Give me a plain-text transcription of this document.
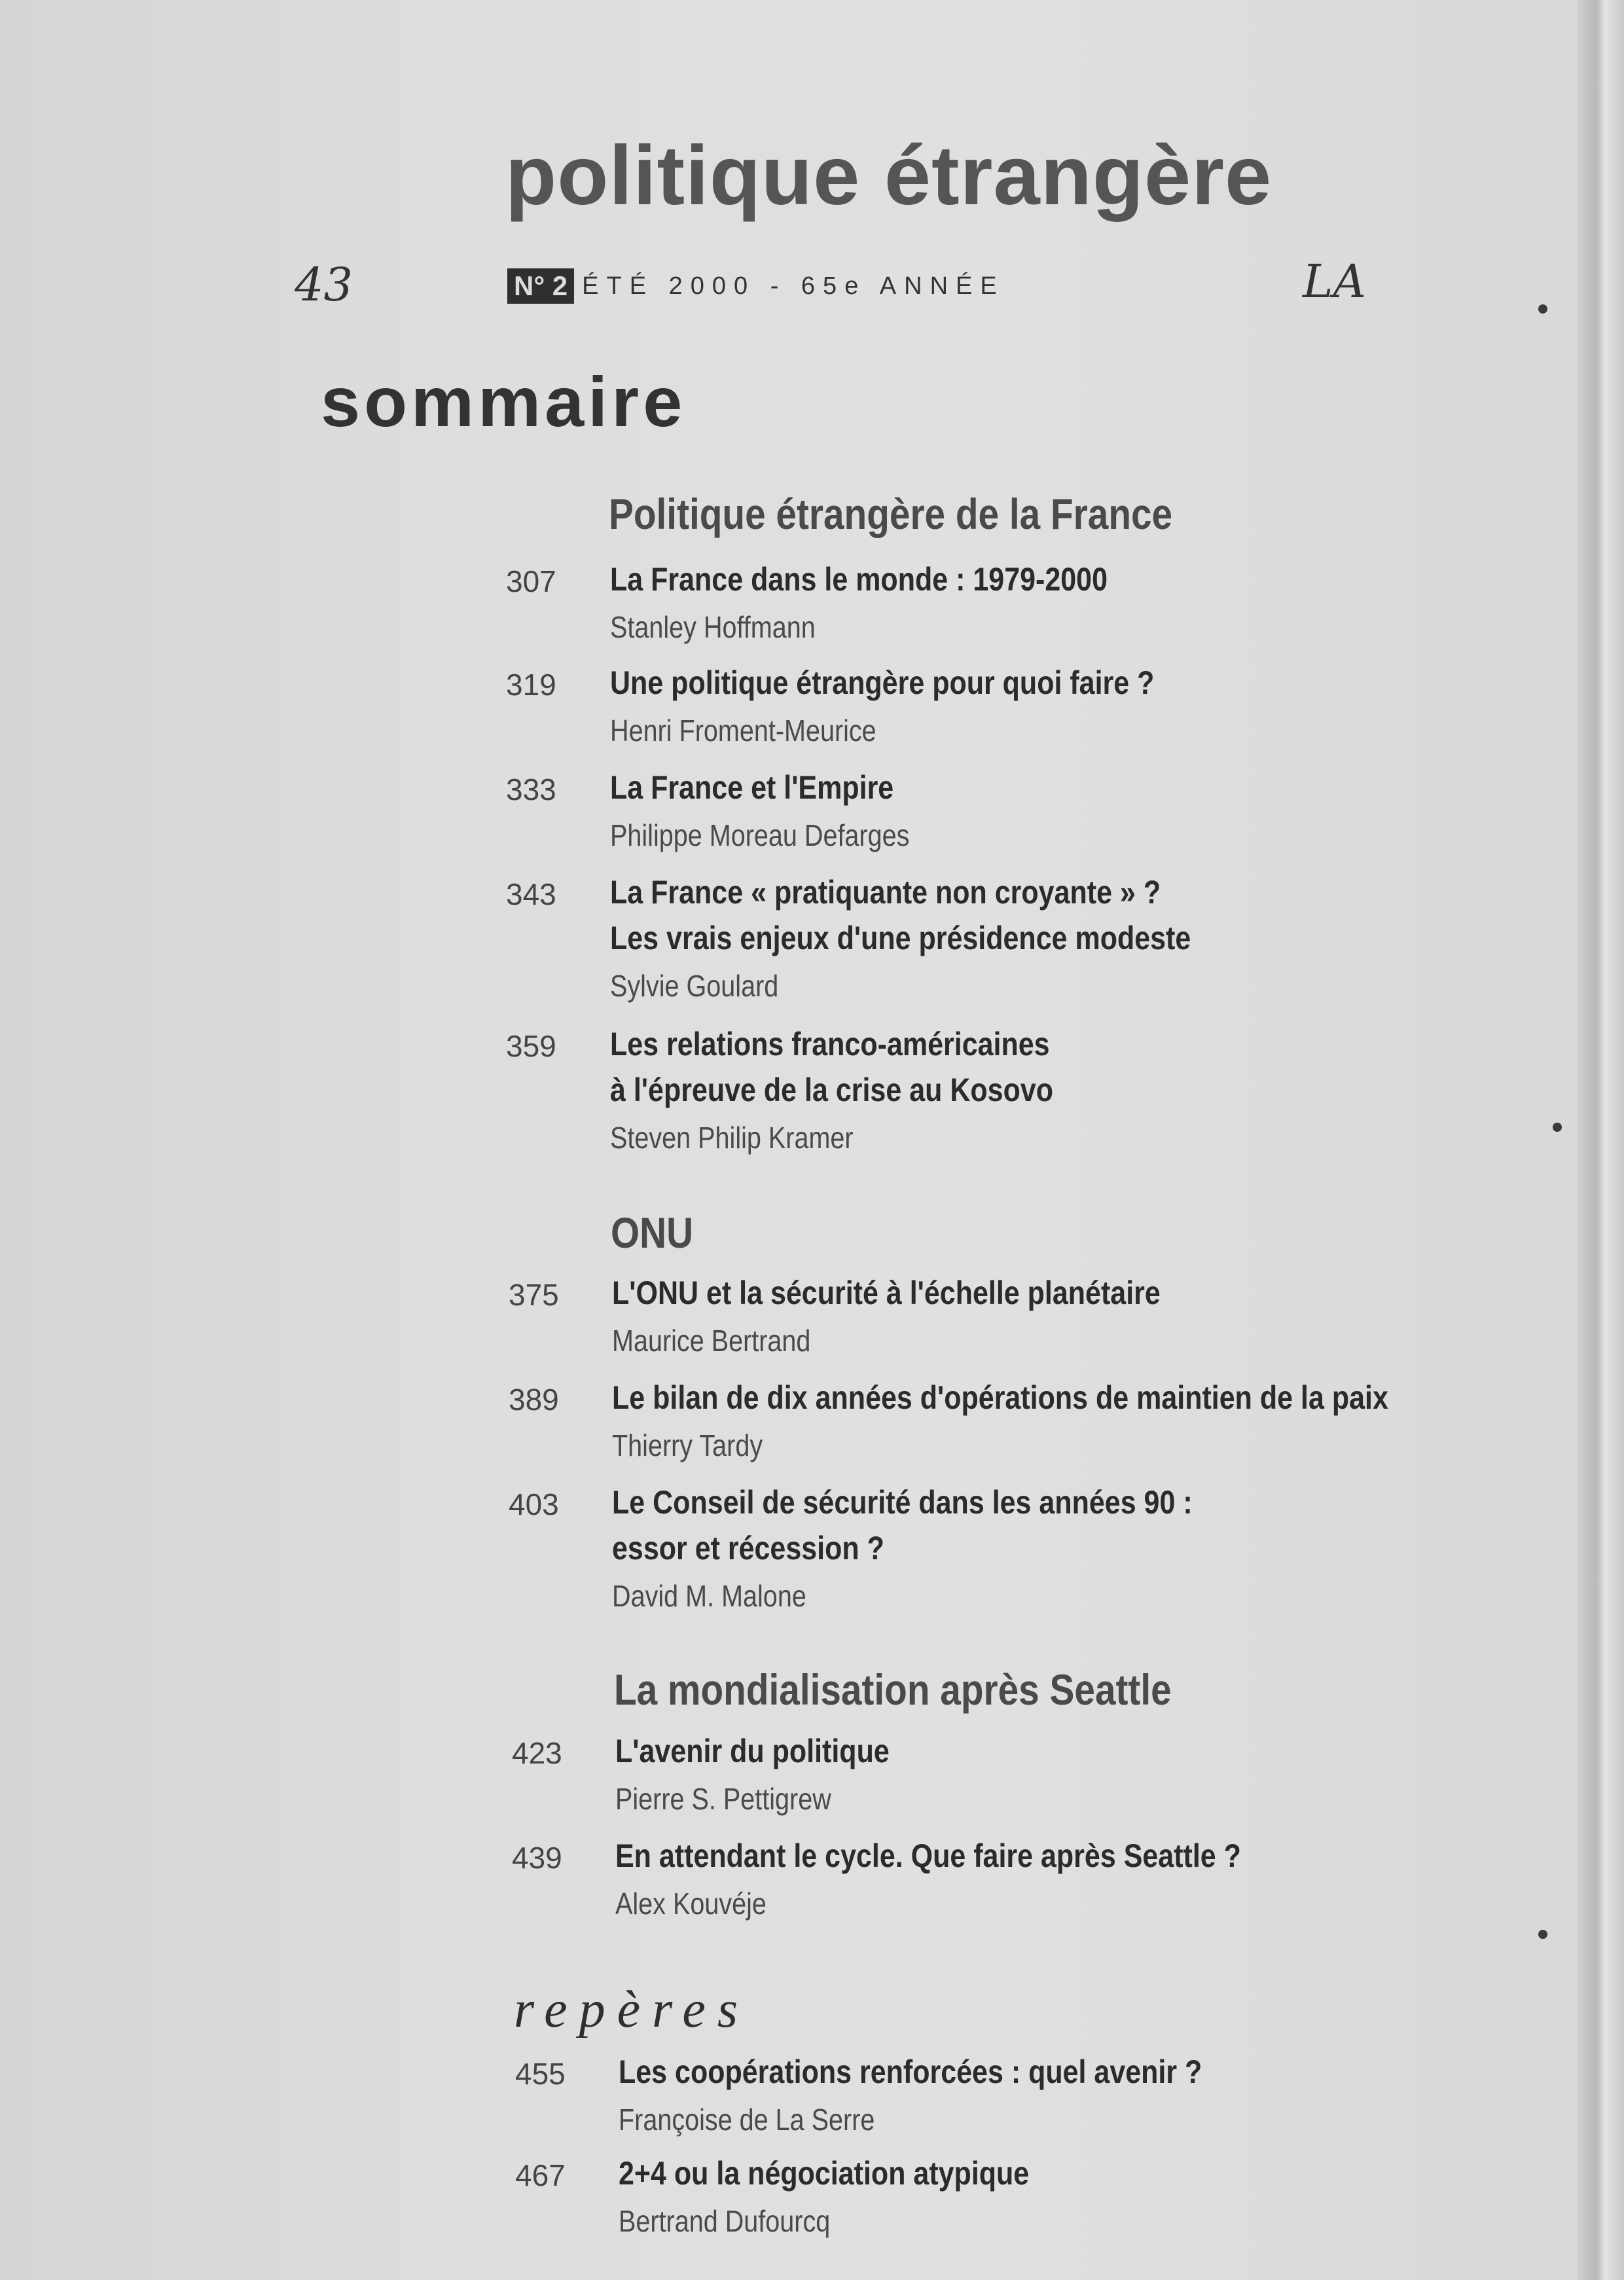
politique étrangère
43	LA
N° 2 ÉTÉ 2000 - 65e ANNÉE
sommaire
Politique étrangère de la France
307 La France dans le monde : 1979-2000
Stanley Hoffmann
319 Une politique étrangère pour quoi faire ?
Henri Froment-Meurice
333 La France et l'Empire
Philippe Moreau Defarges
343 La France « pratiquante non croyante » ?
Les vrais enjeux d'une présidence modeste
Sylvie Goulard
359 Les relations franco-américaines
à l'épreuve de la crise au Kosovo
Steven Philip Kramer
ONU
375 L'ONU et la sécurité à l'échelle planétaire
Maurice Bertrand
389 Le bilan de dix années d'opérations de maintien de la paix
Thierry Tardy
403 Le Conseil de sécurité dans les années 90 :
essor et récession ?
David M. Malone
La mondialisation après Seattle
423 L'avenir du politique
Pierre S. Pettigrew
439 En attendant le cycle. Que faire après Seattle ?
Alex Kouvéje
repères
455 Les coopérations renforcées : quel avenir ?
Françoise de La Serre
467 2+4 ou la négociation atypique
Bertrand Dufourcq
